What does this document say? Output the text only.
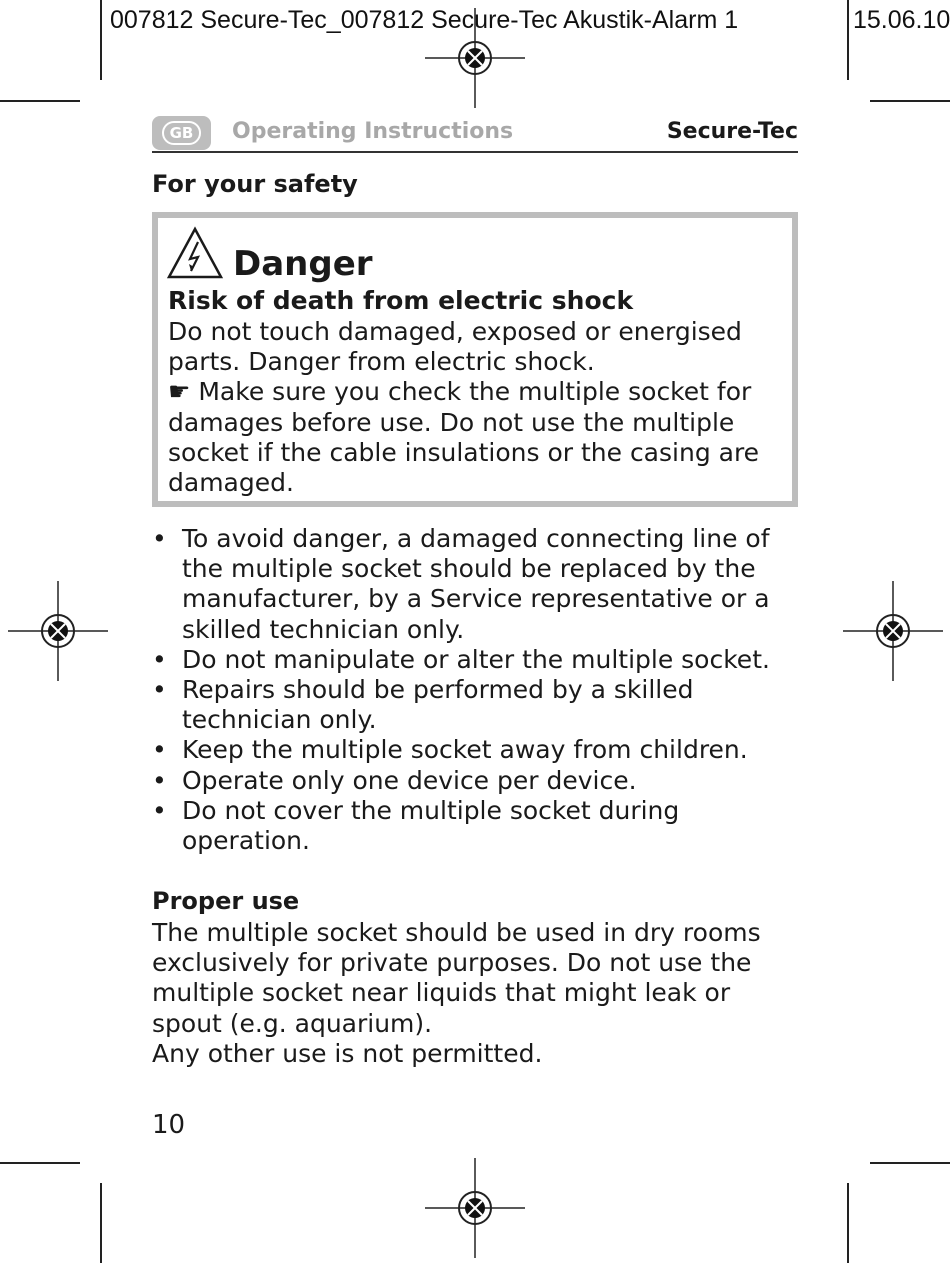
007812 Secure-Tec_007812 Secure-Tec Akustik-Alarm 1	15.06.10
GB	Operating Instructions	Secure-Tec
For your safety
Danger
Risk of death from electric shock
Do not touch damaged, exposed or energised
parts. Danger from electric shock.
☛ Make sure you check the multiple socket for
damages before use. Do not use the multiple
socket if the cable insulations or the casing are
damaged.
• To avoid danger, a damaged connecting line of
the multiple socket should be replaced by the
manufacturer, by a Service representative or a
skilled technician only.
• Do not manipulate or alter the multiple socket.
• Repairs should be performed by a skilled
technician only.
• Keep the multiple socket away from children.
• Operate only one device per device.
• Do not cover the multiple socket during
operation.
Proper use
The multiple socket should be used in dry rooms
exclusively for private purposes. Do not use the
multiple socket near liquids that might leak or
spout (e.g. aquarium).
Any other use is not permitted.
10
